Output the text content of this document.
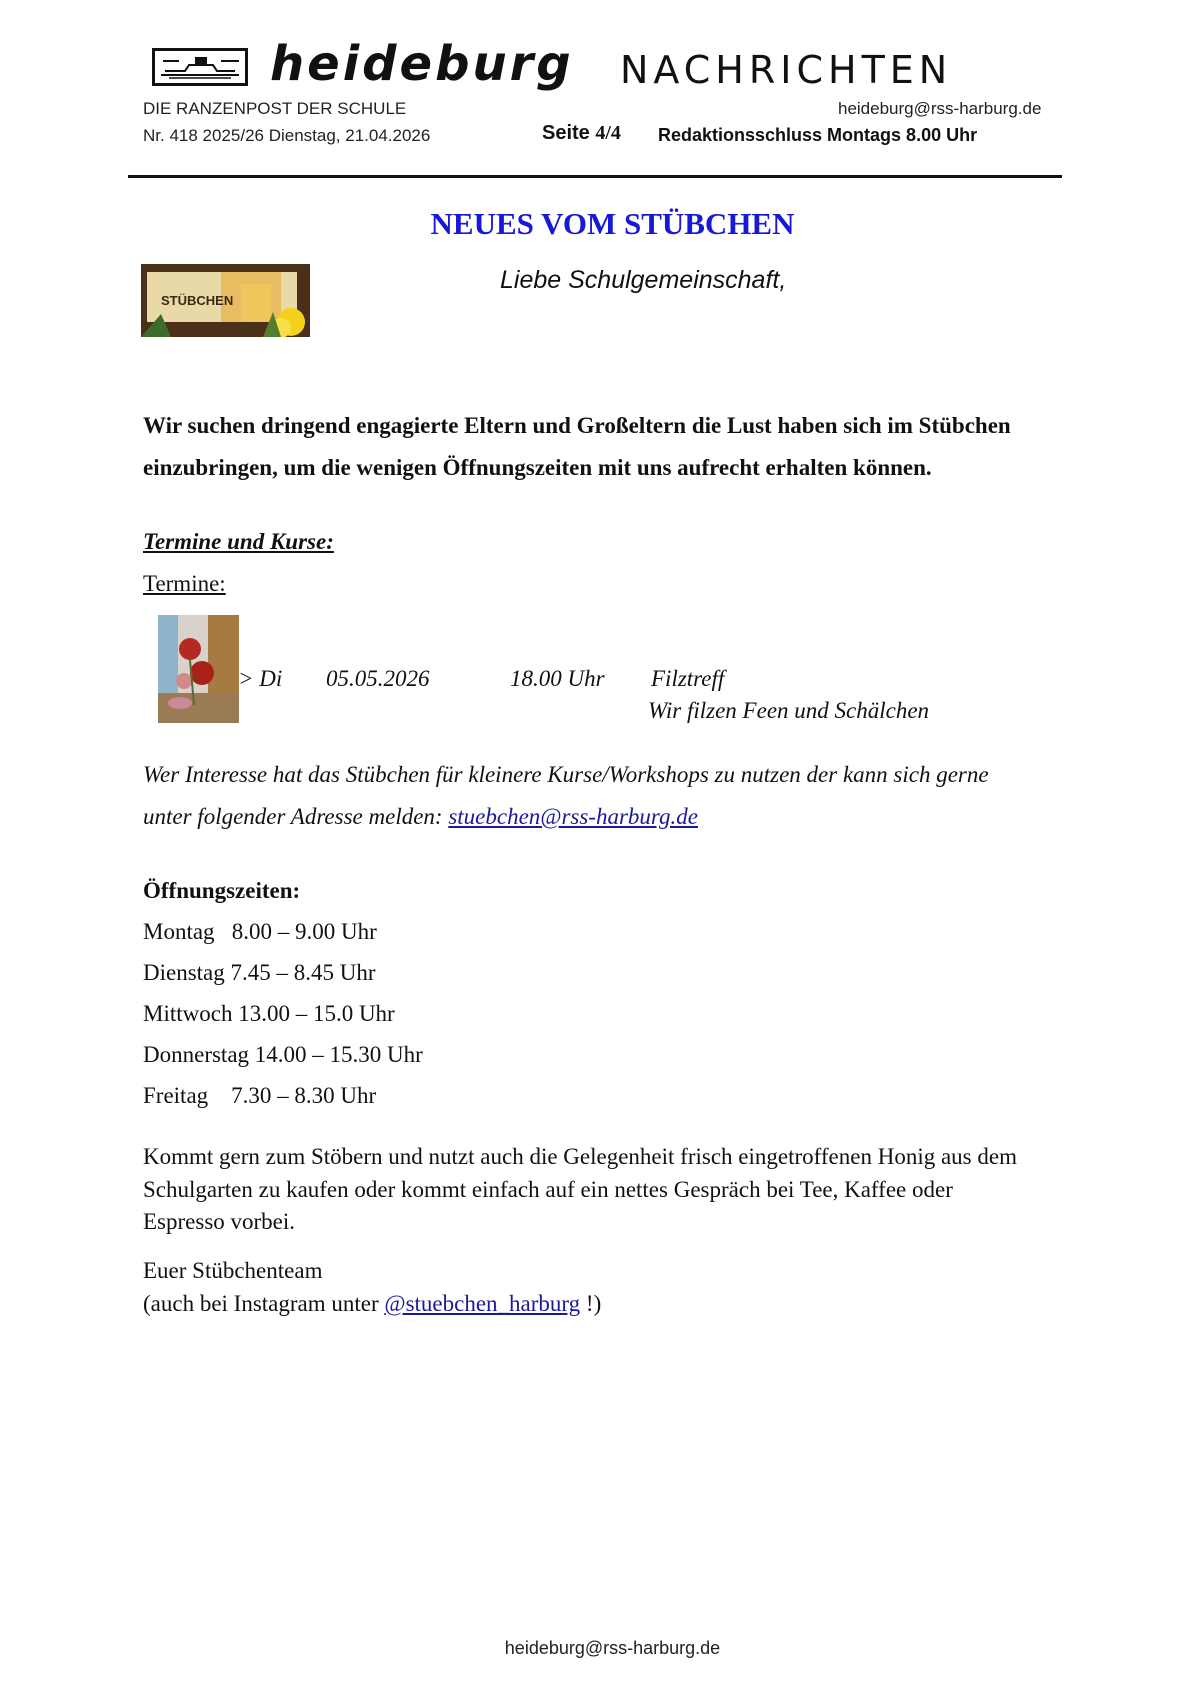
heideburg NACHRICHTEN
DIE RANZENPOST DER SCHULE	heideburg@rss-harburg.de
Nr. 418 2025/26 Dienstag, 21.04.2026	Seite 4/4 Redaktionsschluss Montags 8.00 Uhr
NEUES VOM STÜBCHEN
STÜBCHEN
Liebe Schulgemeinschaft,
Wir suchen dringend engagierte Eltern und Großeltern die Lust haben sich im Stübchen
einzubringen, um die wenigen Öffnungszeiten mit uns aufrecht erhalten können.
Termine und Kurse:
Termine:
> Di 05.05.2026	18.00 Uhr Filztreff
Wir filzen Feen und Schälchen
Wer Interesse hat das Stübchen für kleinere Kurse/Workshops zu nutzen der kann sich gerne
unter folgender Adresse melden: stuebchen@rss-harburg.de
Öffnungszeiten:
Montag   8.00 – 9.00 Uhr
Dienstag 7.45 – 8.45 Uhr
Mittwoch 13.00 – 15.0 Uhr
Donnerstag 14.00 – 15.30 Uhr
Freitag    7.30 – 8.30 Uhr
Kommt gern zum Stöbern und nutzt auch die Gelegenheit frisch eingetroffenen Honig aus dem
Schulgarten zu kaufen oder kommt einfach auf ein nettes Gespräch bei Tee, Kaffee oder
Espresso vorbei.
Euer Stübchenteam
(auch bei Instagram unter @stuebchen_harburg !)
heideburg@rss-harburg.de
